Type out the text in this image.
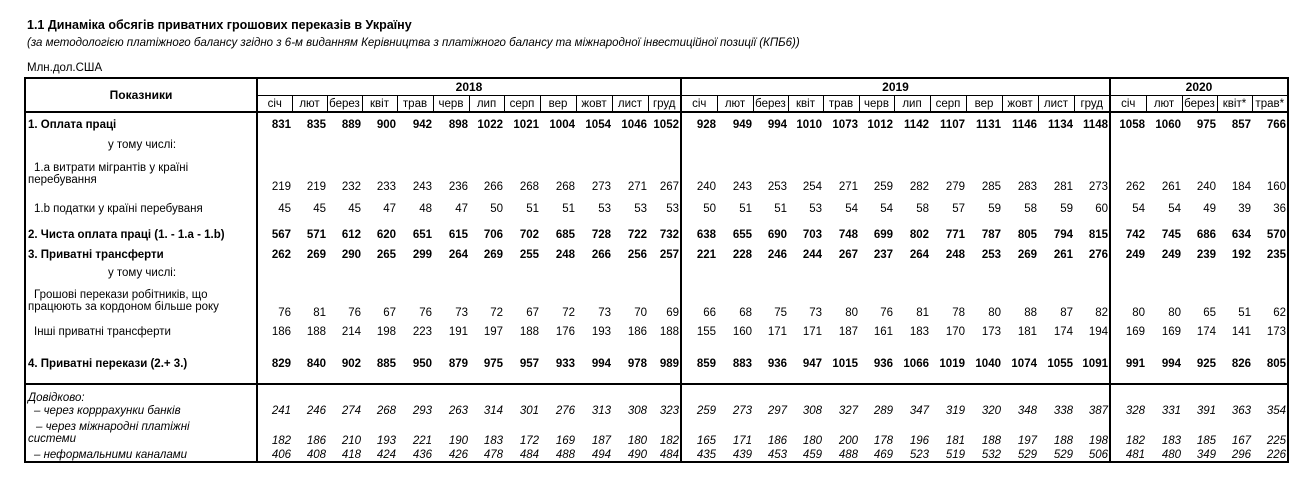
1.1 Динаміка обсягів приватних грошових переказів в Україну
(за методологією платіжного балансу згідно з 6-м виданням Керівництва з платіжного балансу та міжнародної інвестиційної позиції (КПБ6))
Млн.дол.США
Показники	2018												2019												2020				
	січ	лют	берез	квіт	трав	черв	лип	серп	вер	жовт	лист	груд	січ	лют	берез	квіт	трав	черв	лип	серп	вер	жовт	лист	груд	січ	лют	берез	квіт*	трав*
1. Оплата праці	831	835	889	900	942	898	1022	1021	1004	1054	1046	1052	928	949	994	1010	1073	1012	1142	1107	1131	1146	1134	1148	1058	1060	975	857	766
у тому числі:																													

1.a витрати мігрантів у країні
перебування	219	219	232	233	243	236	266	268	268	273	271	267	240	243	253	254	271	259	282	279	285	283	281	273	262	261	240	184	160
1.b податки у країні перебуваня	45	45	45	47	48	47	50	51	51	53	53	53	50	51	51	53	54	54	58	57	59	58	59	60	54	54	49	39	36
2. Чиста оплата праці (1. - 1.a - 1.b)	567	571	612	620	651	615	706	702	685	728	722	732	638	655	690	703	748	699	802	771	787	805	794	815	742	745	686	634	570
3. Приватні трансферти	262	269	290	265	299	264	269	255	248	266	256	257	221	228	246	244	267	237	264	248	253	269	261	276	249	249	239	192	235
у тому числі:																													

Грошові перекази робітників, що
працюють за кордоном більше року	76	81	76	67	76	73	72	67	72	73	70	69	66	68	75	73	80	76	81	78	80	88	87	82	80	80	65	51	62
Інші приватні трансферти	186	188	214	198	223	191	197	188	176	193	186	188	155	160	171	171	187	161	183	170	173	181	174	194	169	169	174	141	173
4. Приватні перекази (2.+ 3.)	829	840	902	885	950	879	975	957	933	994	978	989	859	883	936	947	1015	936	1066	1019	1040	1074	1055	1091	991	994	925	826	805
Довідково:																													
– через корррахунки банків	241	246	274	268	293	263	314	301	276	313	308	323	259	273	297	308	327	289	347	319	320	348	338	387	328	331	391	363	354

– через міжнародні платіжні
системи	182	186	210	193	221	190	183	172	169	187	180	182	165	171	186	180	200	178	196	181	188	197	188	198	182	183	185	167	225
– неформальними каналами	406	408	418	424	436	426	478	484	488	494	490	484	435	439	453	459	488	469	523	519	532	529	529	506	481	480	349	296	226
